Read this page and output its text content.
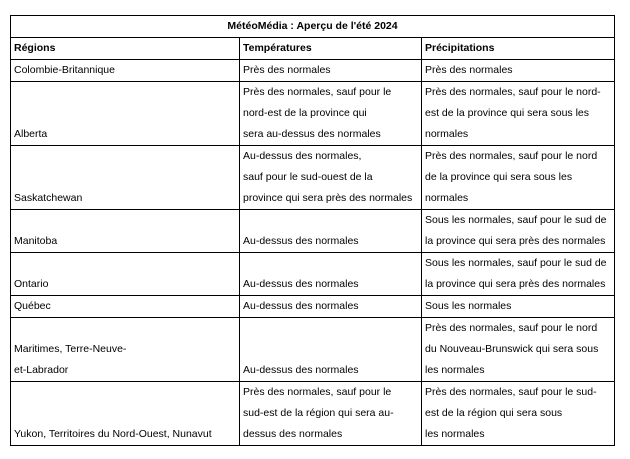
MétéoMédia : Aperçu de l'été 2024		
Régions	Températures	Précipitations

Colombie-Britannique	Près des normales	Près des normales

Alberta	Près des normales, sauf pour le
nord-est de la province qui
sera au-dessus des normales	Près des normales, sauf pour le nord-
est de la province qui sera sous les
normales

Saskatchewan	Au-dessus des normales,
sauf pour le sud-ouest de la
province qui sera près des normales	Près des normales, sauf pour le nord
de la province qui sera sous les
normales

Manitoba	Au-dessus des normales	Sous les normales, sauf pour le sud de
la province qui sera près des normales

Ontario	Au-dessus des normales	Sous les normales, sauf pour le sud de
la province qui sera près des normales

Québec	Au-dessus des normales	Sous les normales

Maritimes, Terre-Neuve-
et-Labrador	Au-dessus des normales	Près des normales, sauf pour le nord
du Nouveau-Brunswick qui sera sous
les normales

Yukon, Territoires du Nord-Ouest, Nunavut	Près des normales, sauf pour le
sud-est de la région qui sera au-
dessus des normales	Près des normales, sauf pour le sud-
est de la région qui sera sous
les normales
